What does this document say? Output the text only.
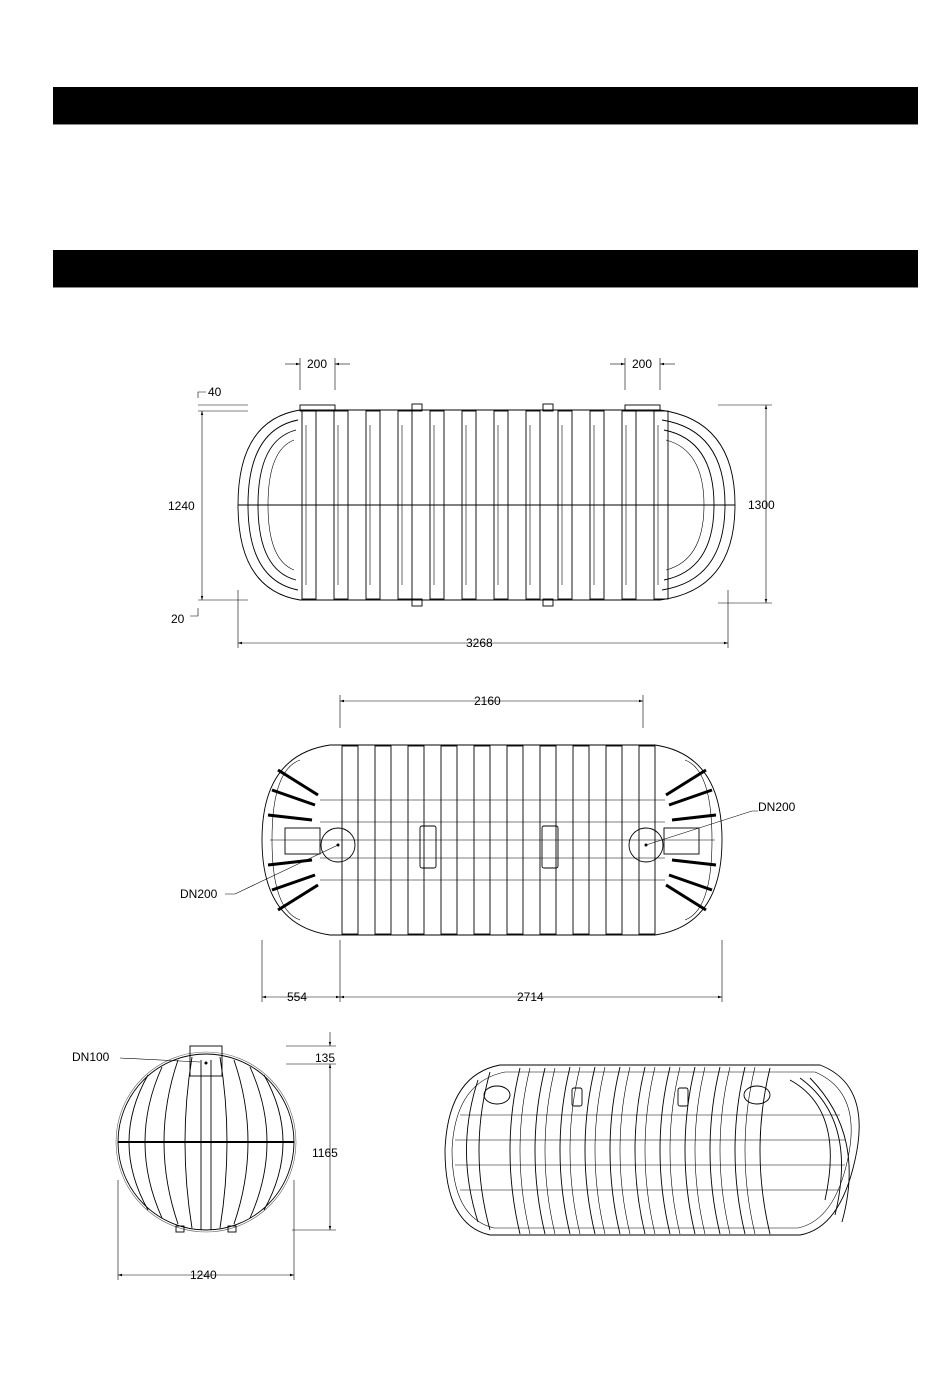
200	200
40
1240
20
1300
3268
2160
DN200
DN200
554	2714
DN100	135
1165
1240
